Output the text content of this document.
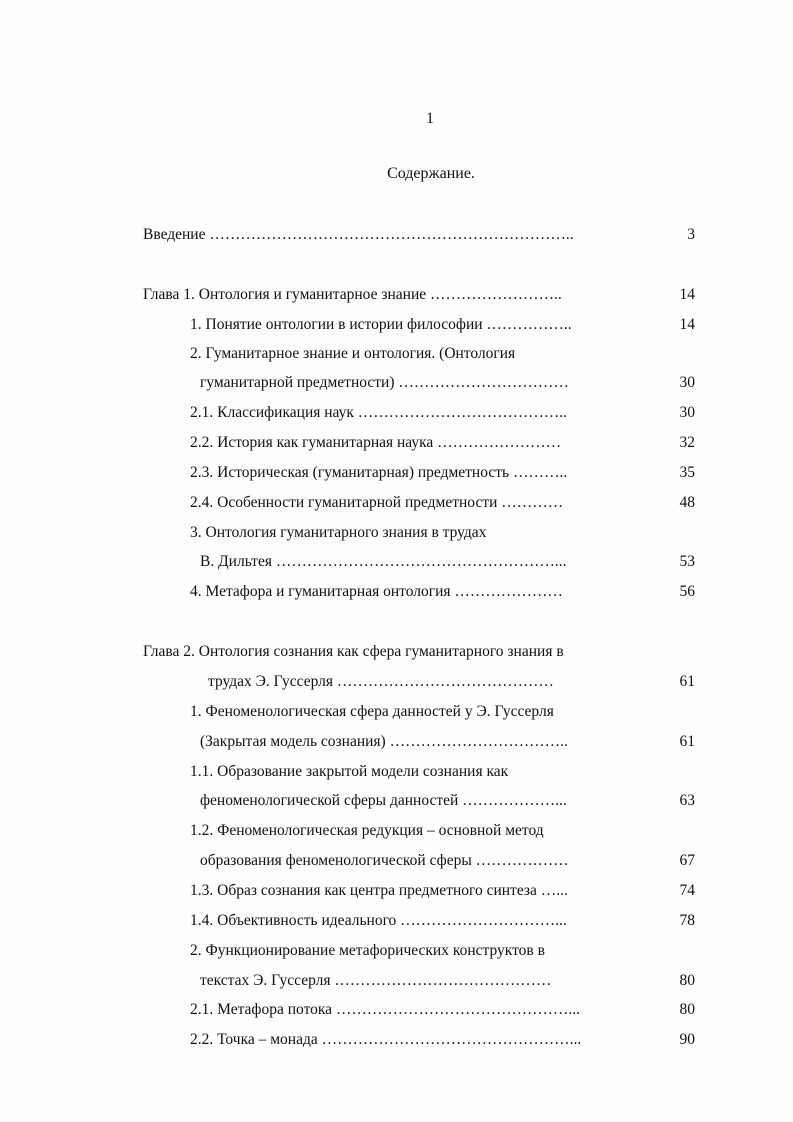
1
Содержание.
Введение ……………………………………………………………..	3
Глава 1. Онтология и гуманитарное знание ……………………..	14
1. Понятие онтологии в истории философии ……………..	14
2. Гуманитарное знание и онтология. (Онтология
гуманитарной предметности) ……………………………	30
2.1. Классификация наук …………………………………..	30
2.2. История как гуманитарная наука ……………………	32
2.3. Историческая (гуманитарная) предметность ………..	35
2.4. Особенности гуманитарной предметности …………	48
3. Онтология гуманитарного знания в трудах
В. Дильтея ………………………………………………...	53
4. Метафора и гуманитарная онтология …………………	56
Глава 2. Онтология сознания как сфера гуманитарного знания в
трудах Э. Гуссерля ……………………………………	61
1. Феноменологическая сфера данностей у Э. Гуссерля
(Закрытая модель сознания) ……………………………..	61
1.1. Образование закрытой модели сознания как
феноменологической сферы данностей ………………...	63
1.2. Феноменологическая редукция – основной метод
образования феноменологической сферы ………………	67
1.3. Образ сознания как центра предметного синтеза …...	74
1.4. Объективность идеального …………………………...	78
2. Функционирование метафорических конструктов в
текстах Э. Гуссерля ……………………………………	80
2.1. Метафора потока ………………………………………...	80
2.2. Точка – монада …………………………………………...	90
